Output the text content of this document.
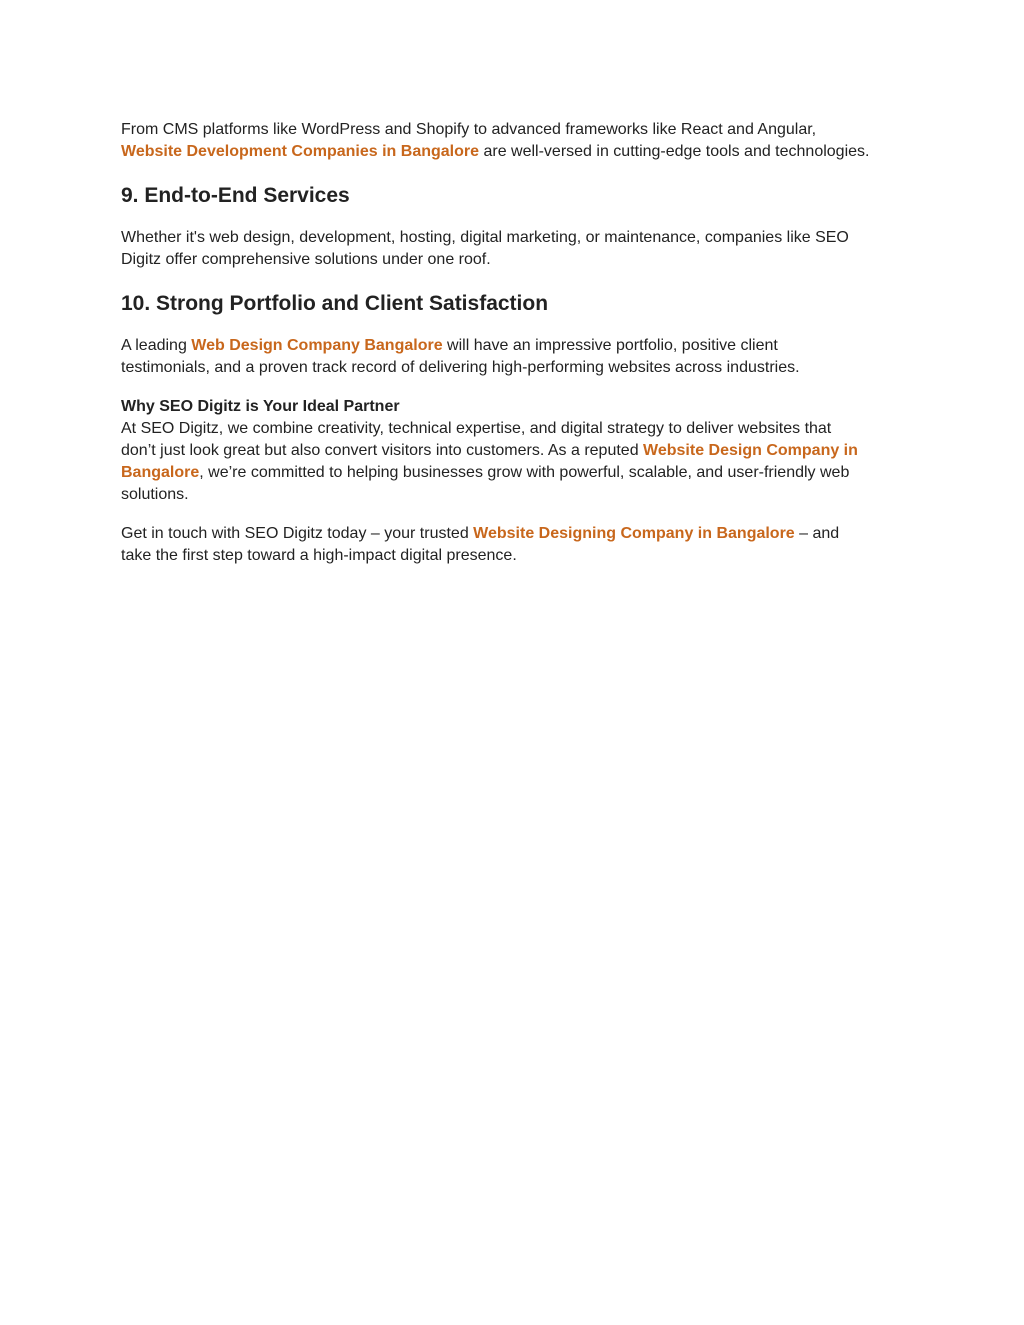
From CMS platforms like WordPress and Shopify to advanced frameworks like React and Angular,
Website Development Companies in Bangalore are well-versed in cutting-edge tools and technologies.

9. End-to-End Services

Whether it's web design, development, hosting, digital marketing, or maintenance, companies like SEO
Digitz offer comprehensive solutions under one roof.

10. Strong Portfolio and Client Satisfaction

A leading Web Design Company Bangalore will have an impressive portfolio, positive client
testimonials, and a proven track record of delivering high-performing websites across industries.

Why SEO Digitz is Your Ideal Partner
At SEO Digitz, we combine creativity, technical expertise, and digital strategy to deliver websites that
don’t just look great but also convert visitors into customers. As a reputed Website Design Company in
Bangalore, we’re committed to helping businesses grow with powerful, scalable, and user-friendly web
solutions.

Get in touch with SEO Digitz today – your trusted Website Designing Company in Bangalore – and
take the first step toward a high-impact digital presence.
